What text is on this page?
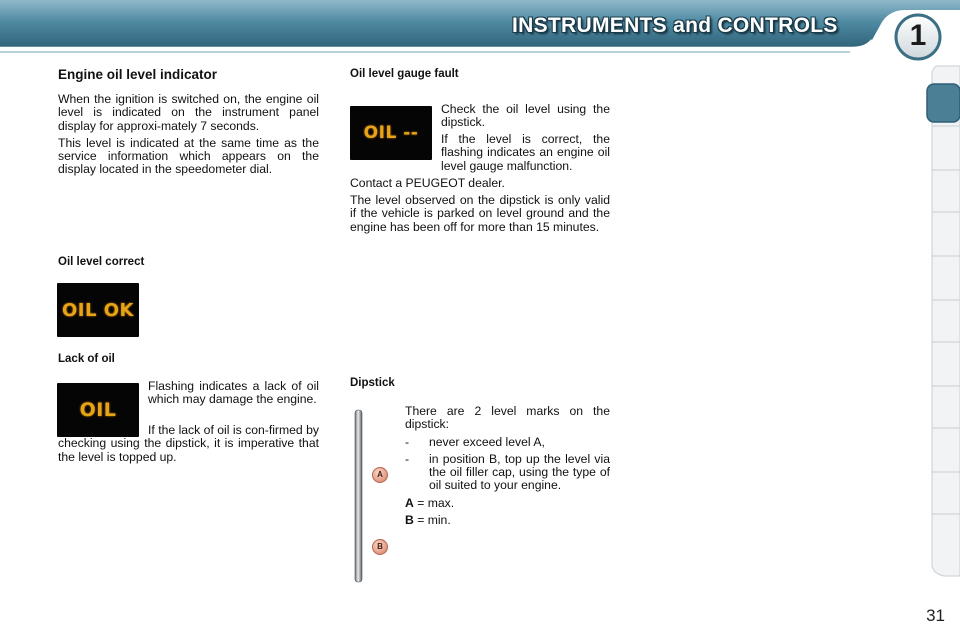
INSTRUMENTS and CONTROLS	1
Engine oil level indicator

When the ignition is switched on, the engine oil level is indicated on the instrument panel display for approxi-mately 7 seconds.

This level is indicated at the same time as the service information which appears on the display located in the speedometer dial.

Oil level correct
OIL OK
Lack of oil
OIL

Flashing indicates a lack of oil which may damage the engine.

If the lack of oil is con-firmed by checking using the dipstick, it is imperative that the level is topped up.

Oil level gauge fault
OIL --

Check the oil level using the dipstick.

If the level is correct, the flashing indicates an engine oil level gauge malfunction.

Contact a PEUGEOT dealer.

The level observed on the dipstick is only valid if the vehicle is parked on level ground and the engine has been off for more than 15 minutes.

Dipstick
A
B

There are 2 level marks on the dipstick:

-	never exceed level A,
-	in position B, top up the level via the oil filler cap, using the type of oil suited to your engine.

A = max.

B = min.

31
